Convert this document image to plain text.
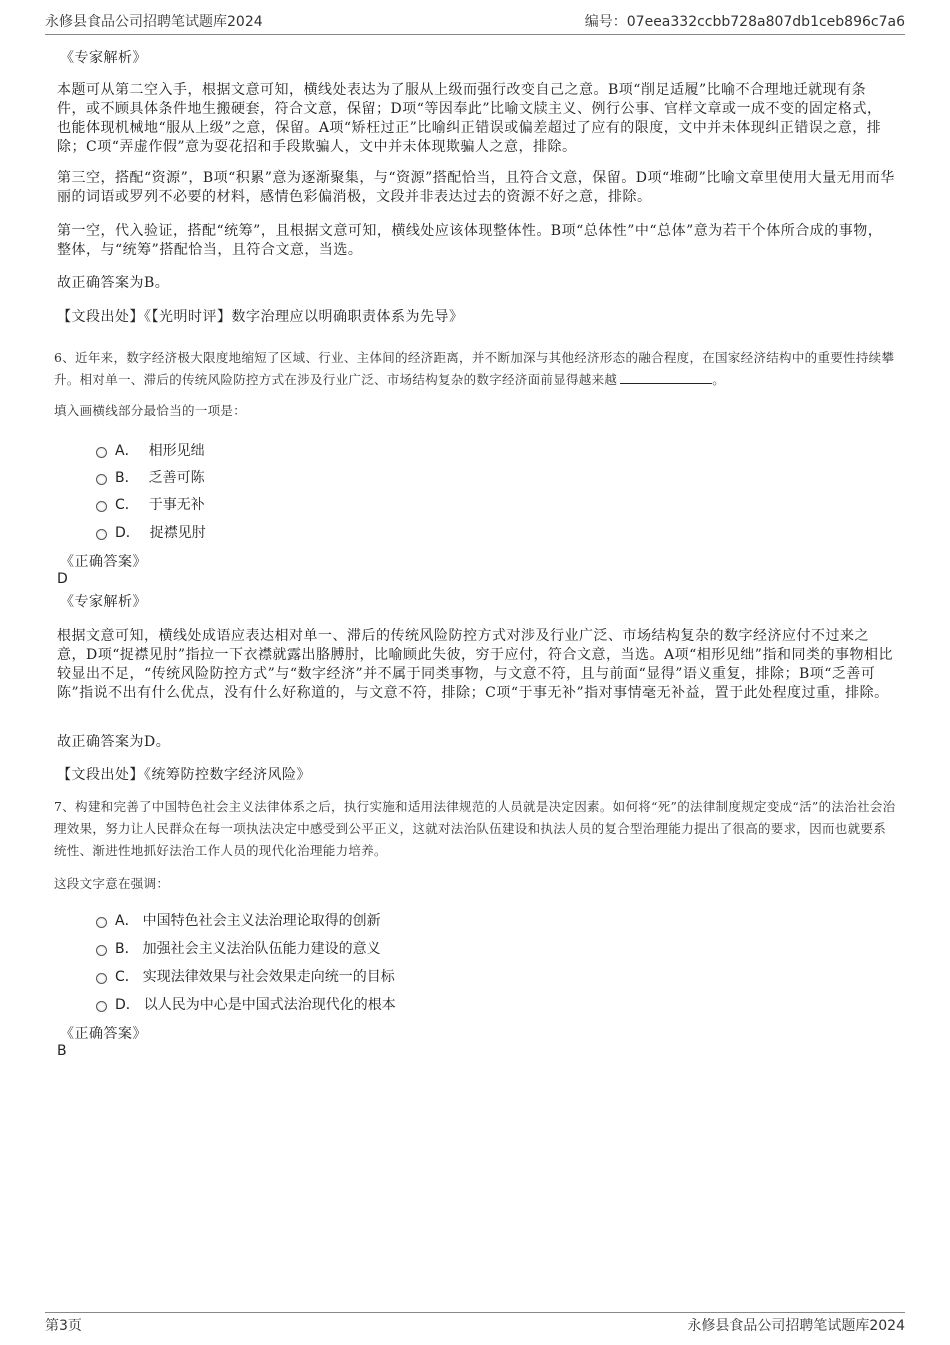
永修县食品公司招聘笔试题库2024	编号：07eea332ccbb728a807db1ceb896c7a6
《专家解析》
本题可从第二空入手，根据文意可知，横线处表达为了服从上级而强行改变自己之意。B项“削足适履”比喻不合理地迁就现有条件，或不顾具体条件地生搬硬套，符合文意，保留；D项“等因奉此”比喻文牍主义、例行公事、官样文章或一成不变的固定格式，也能体现机械地“服从上级”之意，保留。A项“矫枉过正”比喻纠正错误或偏差超过了应有的限度，文中并未体现纠正错误之意，排除；C项“弄虚作假”意为耍花招和手段欺骗人，文中并未体现欺骗人之意，排除。
第三空，搭配“资源”，B项“积累”意为逐渐聚集，与“资源”搭配恰当，且符合文意，保留。D项“堆砌”比喻文章里使用大量无用而华丽的词语或罗列不必要的材料，感情色彩偏消极，文段并非表达过去的资源不好之意，排除。
第一空，代入验证，搭配“统筹”，且根据文意可知，横线处应该体现整体性。B项“总体性”中“总体”意为若干个体所合成的事物，整体，与“统筹”搭配恰当，且符合文意，当选。
故正确答案为B。
【文段出处】《【光明时评】数字治理应以明确职责体系为先导》
6、近年来，数字经济极大限度地缩短了区域、行业、主体间的经济距离，并不断加深与其他经济形态的融合程度，在国家经济结构中的重要性持续攀升。相对单一、滞后的传统风险防控方式在涉及行业广泛、市场结构复杂的数字经济面前显得越来越	。
填入画横线部分最恰当的一项是：
A． 相形见绌
B． 乏善可陈
C． 于事无补
D． 捉襟见肘
《正确答案》
D
《专家解析》
根据文意可知，横线处成语应表达相对单一、滞后的传统风险防控方式对涉及行业广泛、市场结构复杂的数字经济应付不过来之意，D项“捉襟见肘”指拉一下衣襟就露出胳膊肘，比喻顾此失彼，穷于应付，符合文意，当选。A项“相形见绌”指和同类的事物相比较显出不足，“传统风险防控方式”与“数字经济”并不属于同类事物，与文意不符，且与前面“显得”语义重复，排除；B项“乏善可陈”指说不出有什么优点，没有什么好称道的，与文意不符，排除；C项“于事无补”指对事情毫无补益，置于此处程度过重，排除。
故正确答案为D。
【文段出处】《统筹防控数字经济风险》
7、构建和完善了中国特色社会主义法律体系之后，执行实施和适用法律规范的人员就是决定因素。如何将“死”的法律制度规定变成“活”的法治社会治理效果，努力让人民群众在每一项执法决定中感受到公平正义，这就对法治队伍建设和执法人员的复合型治理能力提出了很高的要求，因而也就要系统性、渐进性地抓好法治工作人员的现代化治理能力培养。
这段文字意在强调：
A． 中国特色社会主义法治理论取得的创新
B． 加强社会主义法治队伍能力建设的意义
C． 实现法律效果与社会效果走向统一的目标
D． 以人民为中心是中国式法治现代化的根本
《正确答案》
B
第3页	永修县食品公司招聘笔试题库2024
